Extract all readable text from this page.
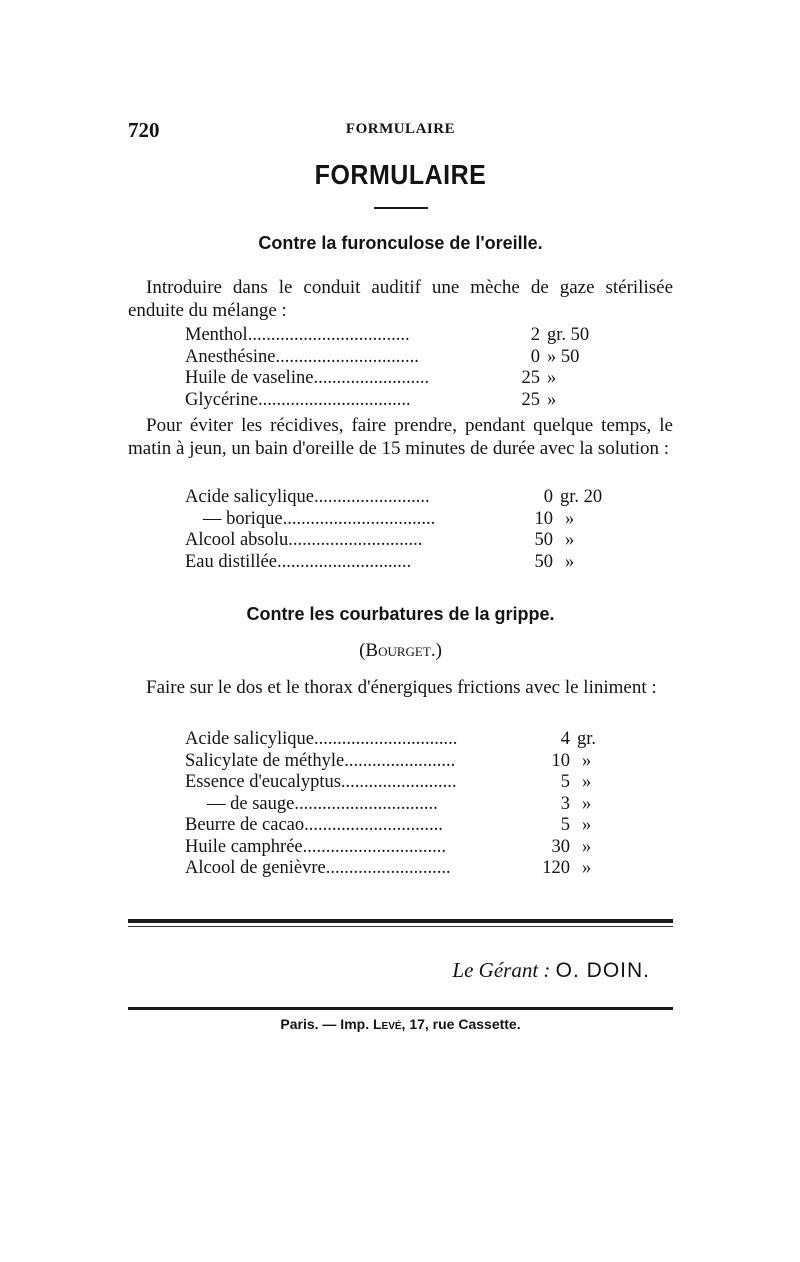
720	FORMULAIRE
FORMULAIRE
Contre la furonculose de l'oreille.
Introduire dans le conduit auditif une mèche de gaze stérilisée enduite du mélange :
Menthol...................................	2 gr. 50
Anesthésine...............................	0 » 50
Huile de vaseline.........................	25 »
Glycérine.................................	25 »
Pour éviter les récidives, faire prendre, pendant quelque temps, le matin à jeun, un bain d'oreille de 15 minutes de durée avec la solution :
Acide salicylique.........................	0 gr. 20
— borique.................................	10 »
Alcool absolu.............................	50 »
Eau distillée.............................	50 »
Contre les courbatures de la grippe.
(Bourget.)
Faire sur le dos et le thorax d'énergiques frictions avec le liniment :
Acide salicylique...............................	4 gr.
Salicylate de méthyle........................	10 »
Essence d'eucalyptus.........................	5 »
— de sauge...............................	3 »
Beurre de cacao..............................	5 »
Huile camphrée...............................	30 »
Alcool de genièvre...........................	120 »
Le Gérant : O. DOIN.
Paris. — Imp. Levé, 17, rue Cassette.
